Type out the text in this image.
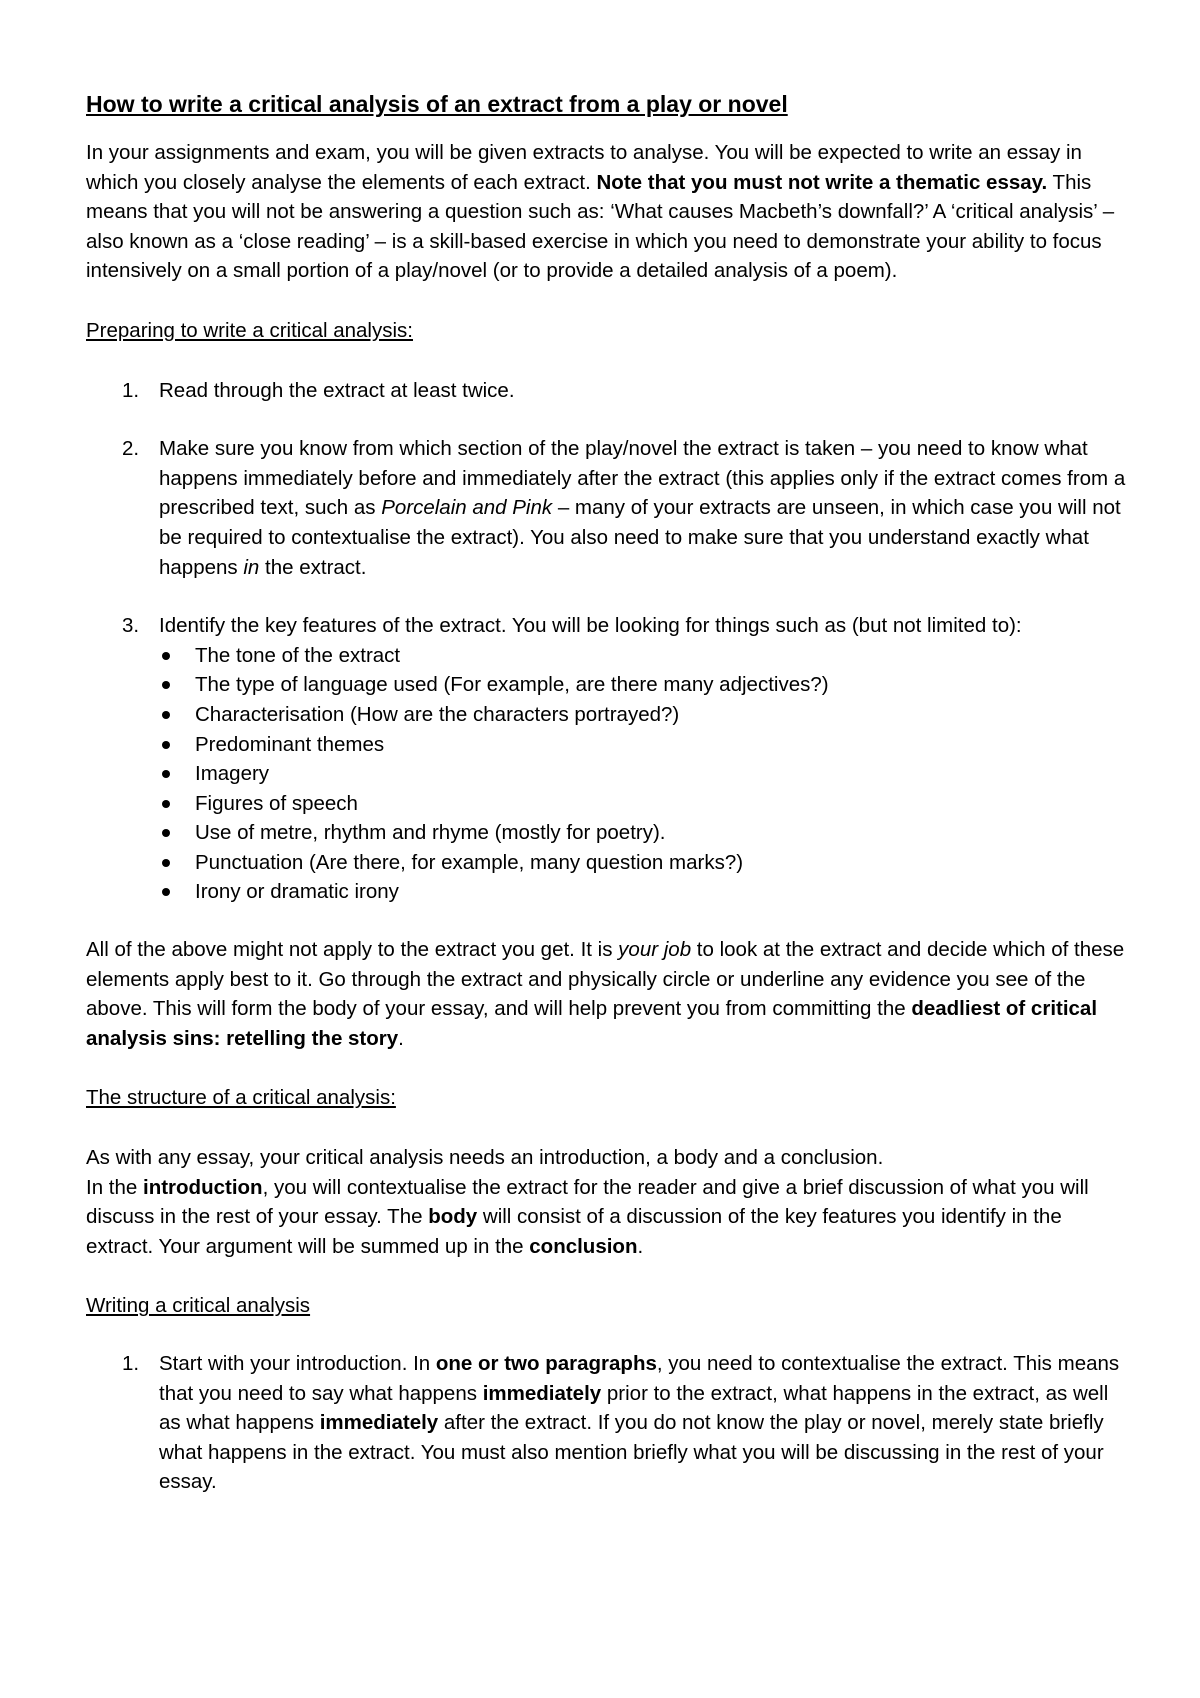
How to write a critical analysis of an extract from a play or novel

In your assignments and exam, you will be given extracts to analyse. You will be expected to write an essay in which you closely analyse the elements of each extract. Note that you must not write a thematic essay. This means that you will not be answering a question such as: ‘What causes Macbeth’s downfall?’ A ‘critical analysis’ – also known as a ‘close reading’ – is a skill-based exercise in which you need to demonstrate your ability to focus intensively on a small portion of a play/novel (or to provide a detailed analysis of a poem).

Preparing to write a critical analysis:

1. Read through the extract at least twice.
2. Make sure you know from which section of the play/novel the extract is taken – you need to know what happens immediately before and immediately after the extract (this applies only if the extract comes from a prescribed text, such as Porcelain and Pink – many of your extracts are unseen, in which case you will not be required to contextualise the extract). You also need to make sure that you understand exactly what happens in the extract.
3. Identify the key features of the extract. You will be looking for things such as (but not limited to):
The tone of the extract
The type of language used (For example, are there many adjectives?)
Characterisation (How are the characters portrayed?)
Predominant themes
Imagery
Figures of speech
Use of metre, rhythm and rhyme (mostly for poetry).
Punctuation (Are there, for example, many question marks?)
Irony or dramatic irony

All of the above might not apply to the extract you get. It is your job to look at the extract and decide which of these elements apply best to it. Go through the extract and physically circle or underline any evidence you see of the above. This will form the body of your essay, and will help prevent you from committing the deadliest of critical analysis sins: retelling the story.

The structure of a critical analysis:

As with any essay, your critical analysis needs an introduction, a body and a conclusion.

In the introduction, you will contextualise the extract for the reader and give a brief discussion of what you will discuss in the rest of your essay. The body will consist of a discussion of the key features you identify in the extract. Your argument will be summed up in the conclusion.

Writing a critical analysis

1. Start with your introduction. In one or two paragraphs, you need to contextualise the extract. This means that you need to say what happens immediately prior to the extract, what happens in the extract, as well as what happens immediately after the extract. If you do not know the play or novel, merely state briefly what happens in the extract. You must also mention briefly what you will be discussing in the rest of your essay.
